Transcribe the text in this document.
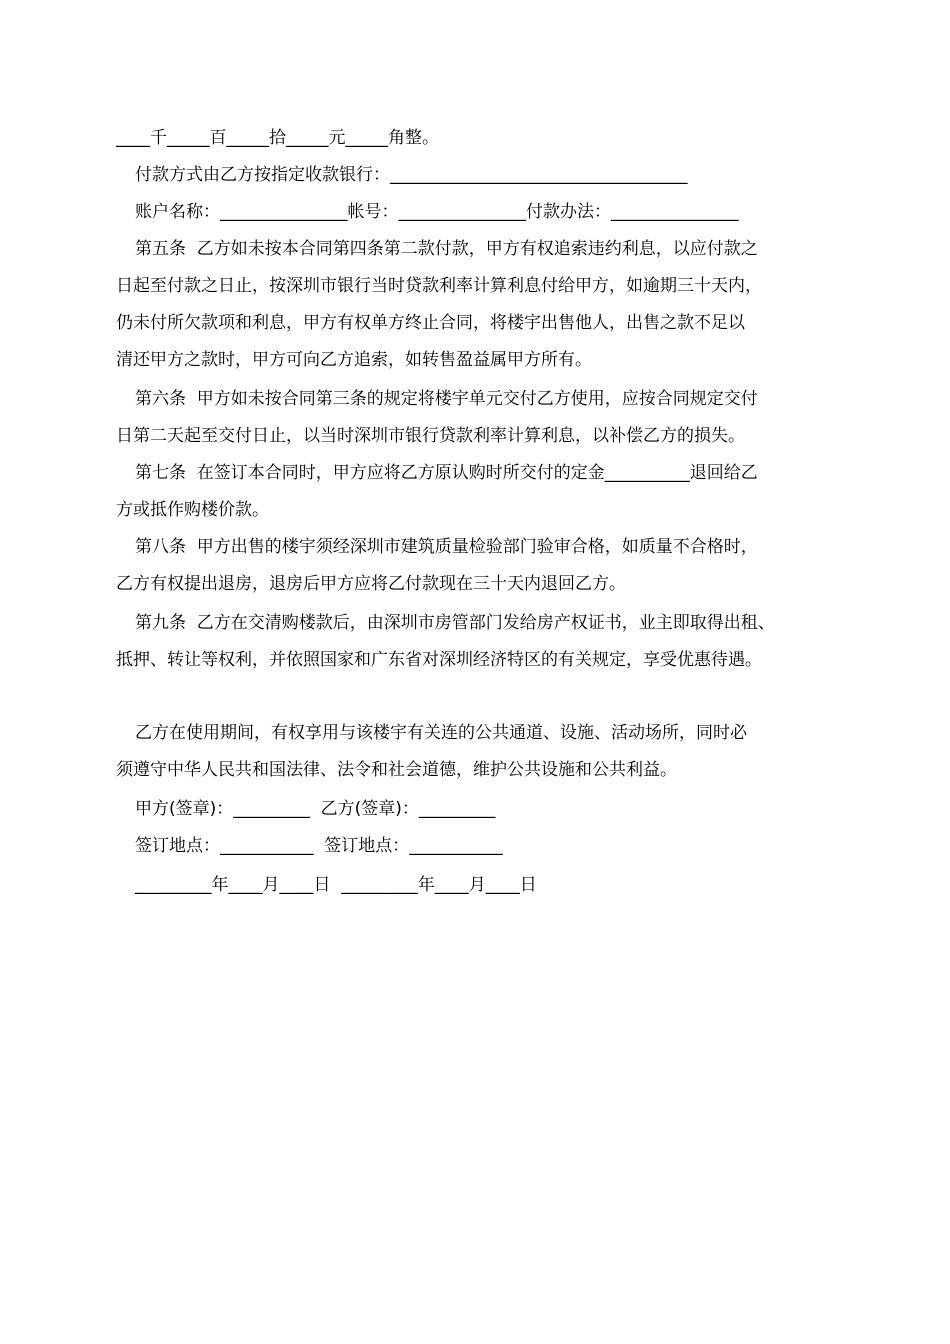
____千_____百_____拾_____元_____角整。
付款方式由乙方按指定收款银行：___________________________________
账户名称：_______________帐号：_______________付款办法：_______________
第五条  乙方如未按本合同第四条第二款付款，甲方有权追索违约利息，以应付款之
日起至付款之日止，按深圳市银行当时贷款利率计算利息付给甲方，如逾期三十天内，
仍未付所欠款项和利息，甲方有权单方终止合同，将楼宇出售他人，出售之款不足以
清还甲方之款时，甲方可向乙方追索，如转售盈益属甲方所有。
第六条  甲方如未按合同第三条的规定将楼宇单元交付乙方使用，应按合同规定交付
日第二天起至交付日止，以当时深圳市银行贷款利率计算利息，以补偿乙方的损失。
第七条  在签订本合同时，甲方应将乙方原认购时所交付的定金__________退回给乙
方或抵作购楼价款。
第八条  甲方出售的楼宇须经深圳市建筑质量检验部门验审合格，如质量不合格时，
乙方有权提出退房，退房后甲方应将乙付款现在三十天内退回乙方。
第九条  乙方在交清购楼款后，由深圳市房管部门发给房产权证书，业主即取得出租、
抵押、转让等权利，并依照国家和广东省对深圳经济特区的有关规定，享受优惠待遇。
乙方在使用期间，有权享用与该楼宇有关连的公共通道、设施、活动场所，同时必
须遵守中华人民共和国法律、法令和社会道德，维护公共设施和公共利益。
甲方(签章)：_________  乙方(签章)：_________
签订地点：___________  签订地点：___________
_________年____月____日  _________年____月____日
